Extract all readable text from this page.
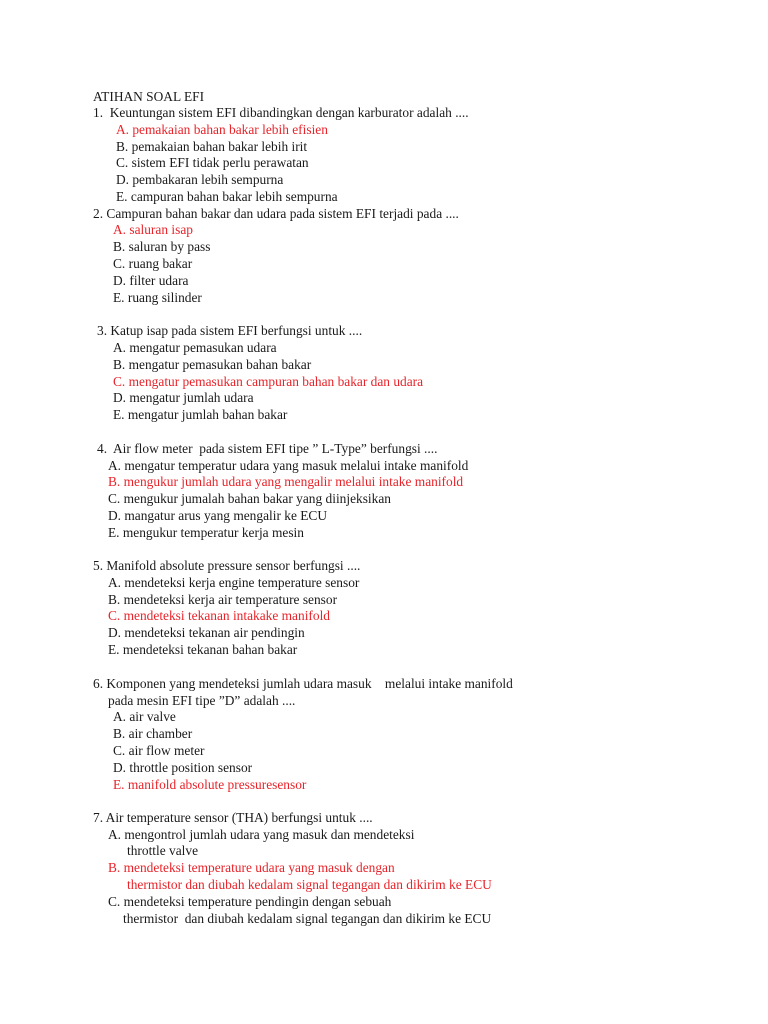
ATIHAN SOAL EFI
1.  Keuntungan sistem EFI dibandingkan dengan karburator adalah ....
A. pemakaian bahan bakar lebih efisien
B. pemakaian bahan bakar lebih irit
C. sistem EFI tidak perlu perawatan
D. pembakaran lebih sempurna
E. campuran bahan bakar lebih sempurna
2. Campuran bahan bakar dan udara pada sistem EFI terjadi pada ....
A. saluran isap
B. saluran by pass
C. ruang bakar
D. filter udara
E. ruang silinder
3. Katup isap pada sistem EFI berfungsi untuk ....
A. mengatur pemasukan udara
B. mengatur pemasukan bahan bakar
C. mengatur pemasukan campuran bahan bakar dan udara
D. mengatur jumlah udara
E. mengatur jumlah bahan bakar
4.  Air flow meter  pada sistem EFI tipe ” L-Type” berfungsi ....
A. mengatur temperatur udara yang masuk melalui intake manifold
B. mengukur jumlah udara yang mengalir melalui intake manifold
C. mengukur jumalah bahan bakar yang diinjeksikan
D. mangatur arus yang mengalir ke ECU
E. mengukur temperatur kerja mesin
5. Manifold absolute pressure sensor berfungsi ....
A. mendeteksi kerja engine temperature sensor
B. mendeteksi kerja air temperature sensor
C. mendeteksi tekanan intakake manifold
D. mendeteksi tekanan air pendingin
E. mendeteksi tekanan bahan bakar
6. Komponen yang mendeteksi jumlah udara masuk    melalui intake manifold
pada mesin EFI tipe ”D” adalah ....
A. air valve
B. air chamber
C. air flow meter
D. throttle position sensor
E. manifold absolute pressuresensor
7. Air temperature sensor (THA) berfungsi untuk ....
A. mengontrol jumlah udara yang masuk dan mendeteksi
throttle valve
B. mendeteksi temperature udara yang masuk dengan
thermistor dan diubah kedalam signal tegangan dan dikirim ke ECU
C. mendeteksi temperature pendingin dengan sebuah
thermistor  dan diubah kedalam signal tegangan dan dikirim ke ECU
